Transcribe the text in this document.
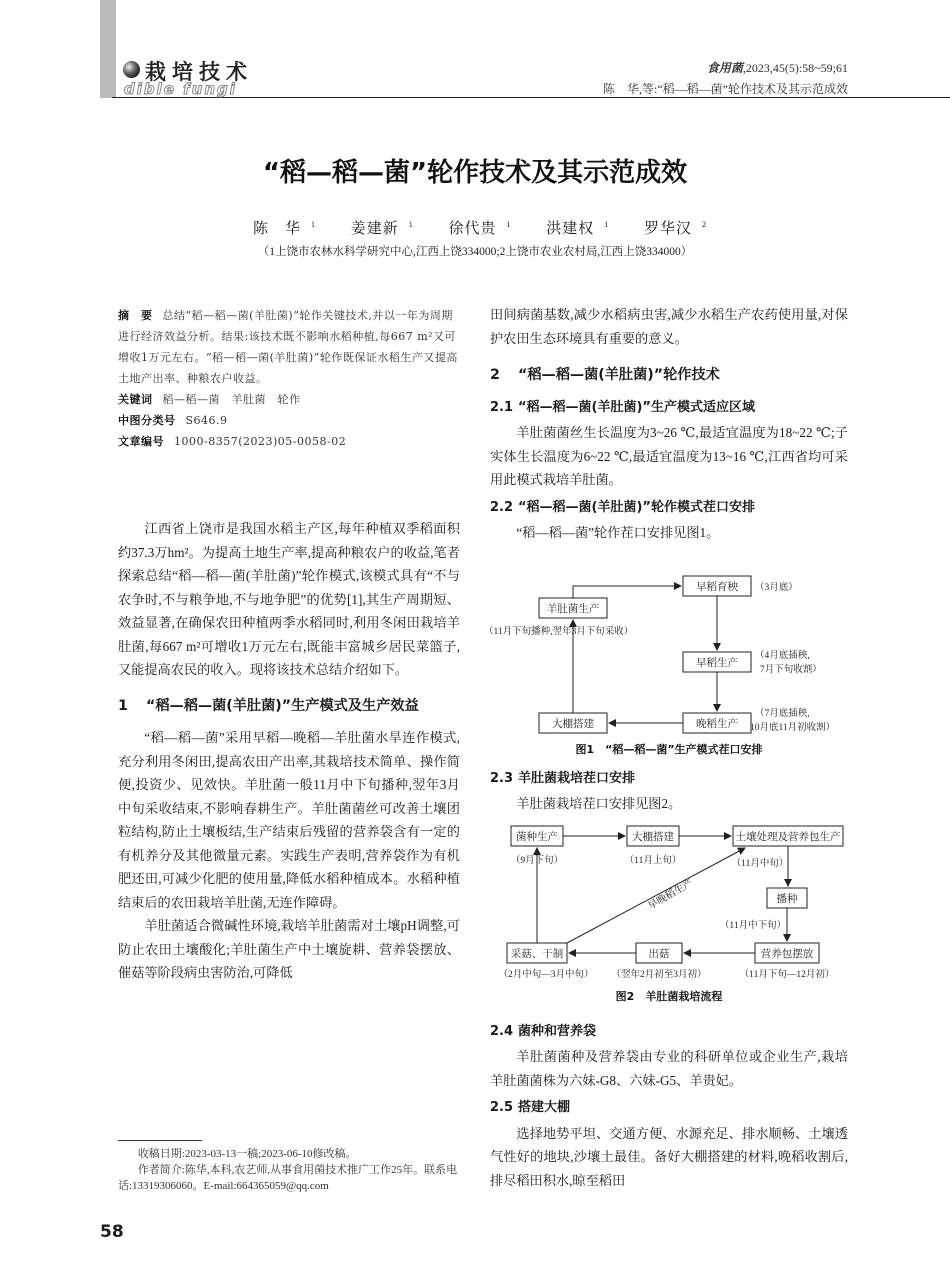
栽培技术
dible fungi
食用菌,2023,45(5):58~59;61
陈　华,等:“稻—稻—菌”轮作技术及其示范成效
“稻—稻—菌”轮作技术及其示范成效
陈　华 $^1$ 姜建新 $^1$ 徐代贵 $^1$ 洪建权 $^1$ 罗华汉 $^2$
（1上饶市农林水科学研究中心,江西上饶334000;2上饶市农业农村局,江西上饶334000）
摘　要 总结“稻—稻—菌(羊肚菌)”轮作关键技术,并以一年为周期进行经济效益分析。结果:该技术既不影响水稻种植,每667 m²又可增收1万元左右。“稻—稻—菌(羊肚菌)”轮作既保证水稻生产又提高土地产出率、种粮农户收益。
关键词 稻—稻—菌　羊肚菌　轮作
中图分类号 S646.9
文章编号 1000-8357(2023)05-0058-02

江西省上饶市是我国水稻主产区,每年种植双季稻面积约37.3万hm²。为提高土地生产率,提高种粮农户的收益,笔者探索总结“稻—稻—菌(羊肚菌)”轮作模式,该模式具有“不与农争时,不与粮争地,不与地争肥”的优势[1],其生产周期短、效益显著,在确保农田种植两季水稻同时,利用冬闲田栽培羊肚菌,每667 m²可增收1万元左右,既能丰富城乡居民菜篮子,又能提高农民的收入。现将该技术总结介绍如下。

1 “稻—稻—菌(羊肚菌)”生产模式及生产效益

“稻—稻—菌”采用早稻—晚稻—羊肚菌水旱连作模式,充分利用冬闲田,提高农田产出率,其栽培技术简单、操作简便,投资少、见效快。羊肚菌一般11月中下旬播种,翌年3月中旬采收结束,不影响春耕生产。羊肚菌菌丝可改善土壤团粒结构,防止土壤板结,生产结束后残留的营养袋含有一定的有机养分及其他微量元素。实践生产表明,营养袋作为有机肥还田,可减少化肥的使用量,降低水稻种植成本。水稻种植结束后的农田栽培羊肚菌,无连作障碍。

羊肚菌适合微碱性环境,栽培羊肚菌需对土壤pH调整,可防止农田土壤酸化;羊肚菌生产中土壤旋耕、营养袋摆放、催菇等阶段病虫害防治,可降低

收稿日期:2023-03-13一稿;2023-06-10修改稿。

作者简介:陈华,本科,农艺师,从事食用菌技术推广工作25年。联系电话:13319306060。E-mail:664365059@qq.com

58

田间病菌基数,减少水稻病虫害,减少水稻生产农药使用量,对保护农田生态环境具有重要的意义。

2 “稻—稻—菌(羊肚菌)”轮作技术
2.1 “稻—稻—菌(羊肚菌)”生产模式适应区域

羊肚菌菌丝生长温度为3~26 ℃,最适宜温度为18~22 ℃;子实体生长温度为6~22 ℃,最适宜温度为13~16 ℃,江西省均可采用此模式栽培羊肚菌。

2.2 “稻—稻—菌(羊肚菌)”轮作模式茬口安排

“稻—稻—菌”轮作茬口安排见图1。

2.3 羊肚菌栽培茬口安排

羊肚菌栽培茬口安排见图2。

2.4 菌种和营养袋

羊肚菌菌种及营养袋由专业的科研单位或企业生产,栽培羊肚菌菌株为六妹-G8、六妹-G5、羊贵妃。

2.5 搭建大棚

选择地势平坦、交通方便、水源充足、排水顺畅、土壤透气性好的地块,沙壤土最佳。备好大棚搭建的材料,晚稻收割后,排尽稻田积水,晾至稻田

羊肚菌生产
（11月下旬播种,翌年3月下旬采收）
早稻育秧 （3月底）
早稻生产
（4月底插秧,
7月下旬收割）
晚稻生产
（7月底插秧,
10月底11月初收割）
大棚搭建
图1　“稻—稻—菌”生产模式茬口安排
菌种生产
（9月下旬）
大棚搭建
（11月上旬）
土壤处理及营养包生产
（11月中旬）
播种
（11月中下旬）
营养包摆放
（11月下旬—12月初）
出菇
（翌年2月初至3月初）
采菇、干制
（2月中旬—3月中旬）
早晚稻生产
图2　羊肚菌栽培流程
